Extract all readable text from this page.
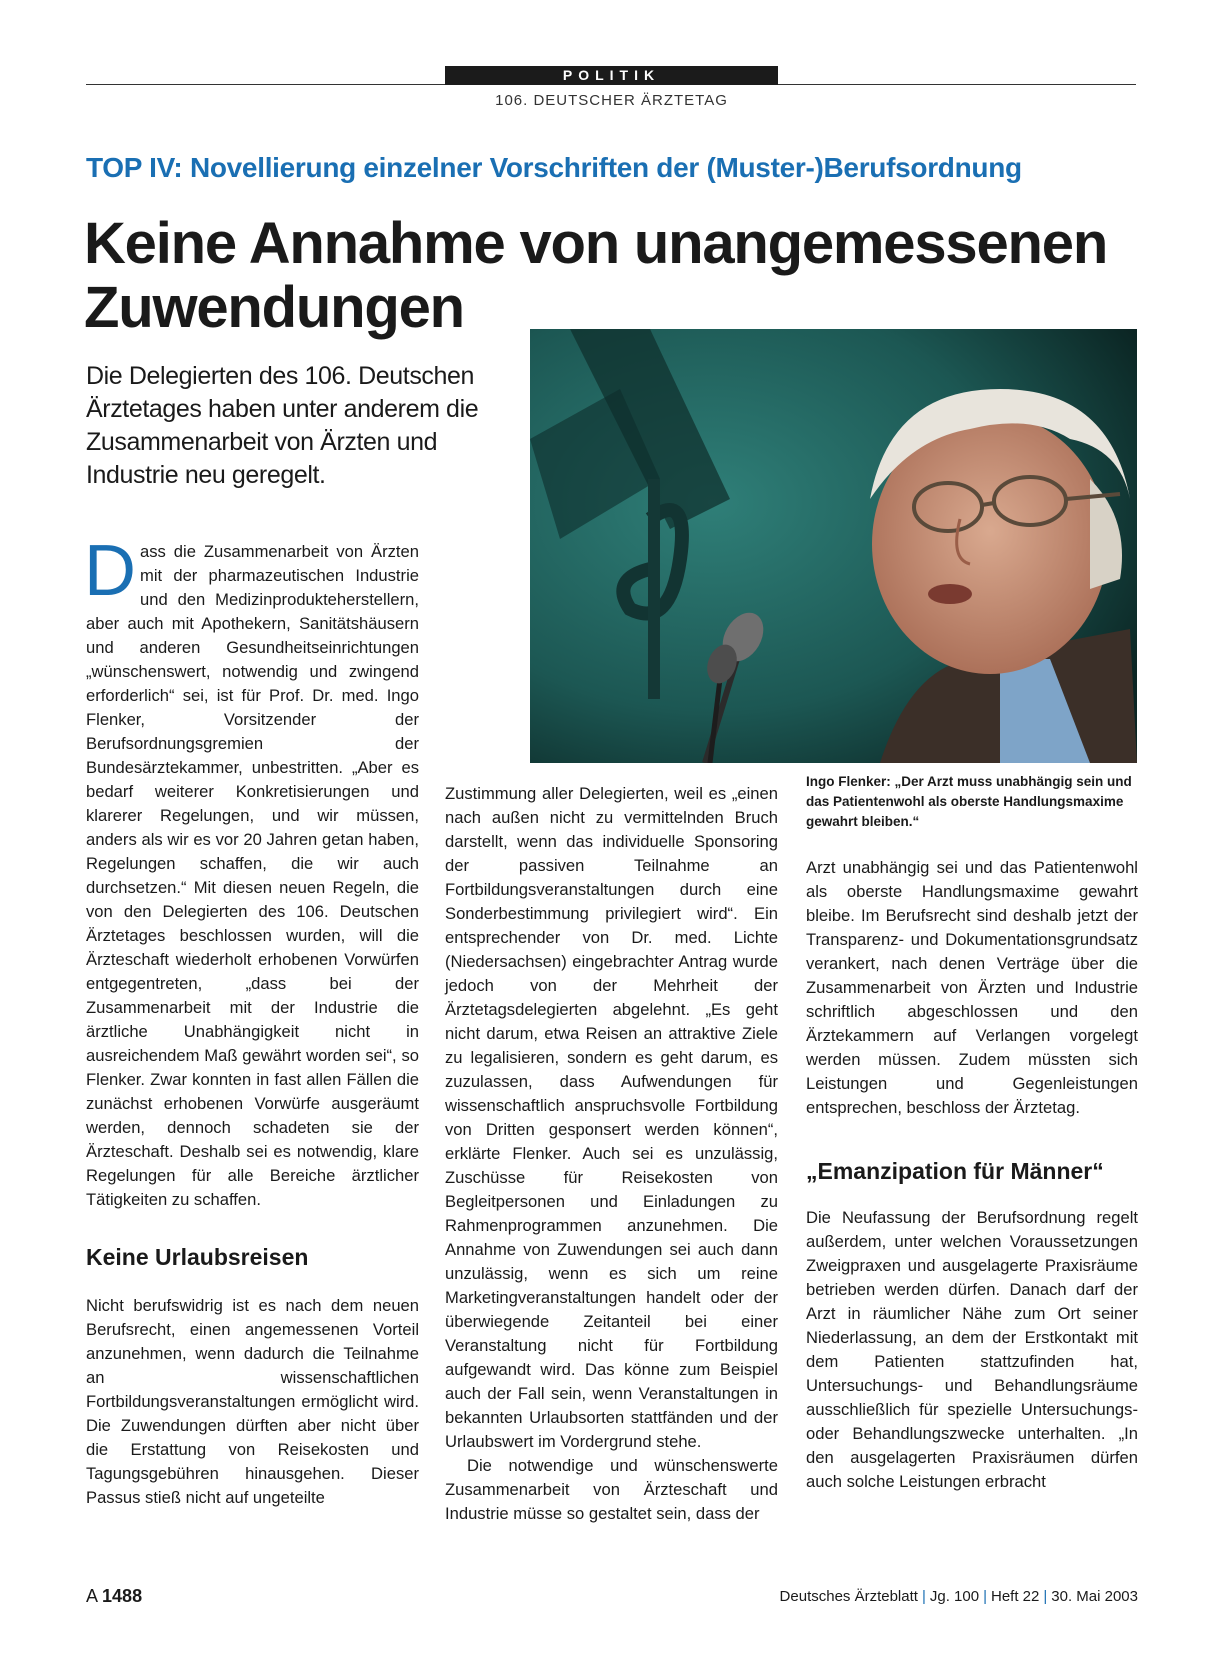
POLITIK
106. DEUTSCHER ÄRZTETAG
TOP IV: Novellierung einzelner Vorschriften der (Muster-)Berufsordnung
Keine Annahme von unangemessenen Zuwendungen
Die Delegierten des 106. Deutschen Ärztetages haben unter anderem die Zusammenarbeit von Ärzten und Industrie neu geregelt.
Ingo Flenker: „Der Arzt muss unabhängig sein und das Patientenwohl als oberste Handlungsmaxime gewahrt bleiben.“

Dass die Zusammenarbeit von Ärzten mit der pharmazeutischen Industrie und den Medizinprodukteherstellern, aber auch mit Apothekern, Sanitätshäusern und anderen Gesundheitseinrichtungen „wünschenswert, notwendig und zwingend erforderlich“ sei, ist für Prof. Dr. med. Ingo Flenker, Vorsitzender der Berufsordnungsgremien der Bundesärztekammer, unbestritten. „Aber es bedarf weiterer Konkretisierungen und klarerer Regelungen, und wir müssen, anders als wir es vor 20 Jahren getan haben, Regelungen schaffen, die wir auch durchsetzen.“ Mit diesen neuen Regeln, die von den Delegierten des 106. Deutschen Ärztetages beschlossen wurden, will die Ärzteschaft wiederholt erhobenen Vorwürfen entgegentreten, „dass bei der Zusammenarbeit mit der Industrie die ärztliche Unabhängigkeit nicht in ausreichendem Maß gewährt worden sei“, so Flenker. Zwar konnten in fast allen Fällen die zunächst erhobenen Vorwürfe ausgeräumt werden, dennoch schadeten sie der Ärzteschaft. Deshalb sei es notwendig, klare Regelungen für alle Bereiche ärztlicher Tätigkeiten zu schaffen.

Keine Urlaubsreisen

Nicht berufswidrig ist es nach dem neuen Berufsrecht, einen angemessenen Vorteil anzunehmen, wenn dadurch die Teilnahme an wissenschaftlichen Fortbildungsveranstaltungen ermöglicht wird. Die Zuwendungen dürften aber nicht über die Erstattung von Reisekosten und Tagungsgebühren hinausgehen. Dieser Passus stieß nicht auf ungeteilte

Zustimmung aller Delegierten, weil es „einen nach außen nicht zu vermittelnden Bruch darstellt, wenn das individuelle Sponsoring der passiven Teilnahme an Fortbildungsveranstaltungen durch eine Sonderbestimmung privilegiert wird“. Ein entsprechender von Dr. med. Lichte (Niedersachsen) eingebrachter Antrag wurde jedoch von der Mehrheit der Ärztetagsdelegierten abgelehnt. „Es geht nicht darum, etwa Reisen an attraktive Ziele zu legalisieren, sondern es geht darum, es zuzulassen, dass Aufwendungen für wissenschaftlich anspruchsvolle Fortbildung von Dritten gesponsert werden können“, erklärte Flenker. Auch sei es unzulässig, Zuschüsse für Reisekosten von Begleitpersonen und Einladungen zu Rahmenprogrammen anzunehmen. Die Annahme von Zuwendungen sei auch dann unzulässig, wenn es sich um reine Marketingveranstaltungen handelt oder der überwiegende Zeitanteil bei einer Veranstaltung nicht für Fortbildung aufgewandt wird. Das könne zum Beispiel auch der Fall sein, wenn Veranstaltungen in bekannten Urlaubsorten stattfänden und der Urlaubswert im Vordergrund stehe.

Die notwendige und wünschenswerte Zusammenarbeit von Ärzteschaft und Industrie müsse so gestaltet sein, dass der

Arzt unabhängig sei und das Patientenwohl als oberste Handlungsmaxime gewahrt bleibe. Im Berufsrecht sind deshalb jetzt der Transparenz- und Dokumentationsgrundsatz verankert, nach denen Verträge über die Zusammenarbeit von Ärzten und Industrie schriftlich abgeschlossen und den Ärztekammern auf Verlangen vorgelegt werden müssen. Zudem müssten sich Leistungen und Gegenleistungen entsprechen, beschloss der Ärztetag.

„Emanzipation für Männer“

Die Neufassung der Berufsordnung regelt außerdem, unter welchen Voraussetzungen Zweigpraxen und ausgelagerte Praxisräume betrieben werden dürfen. Danach darf der Arzt in räumlicher Nähe zum Ort seiner Niederlassung, an dem der Erstkontakt mit dem Patienten stattzufinden hat, Untersuchungs- und Behandlungsräume ausschließlich für spezielle Untersuchungs- oder Behandlungszwecke unterhalten. „In den ausgelagerten Praxisräumen dürfen auch solche Leistungen erbracht

A 1488	Deutsches Ärzteblatt | Jg. 100 | Heft 22 | 30. Mai 2003
